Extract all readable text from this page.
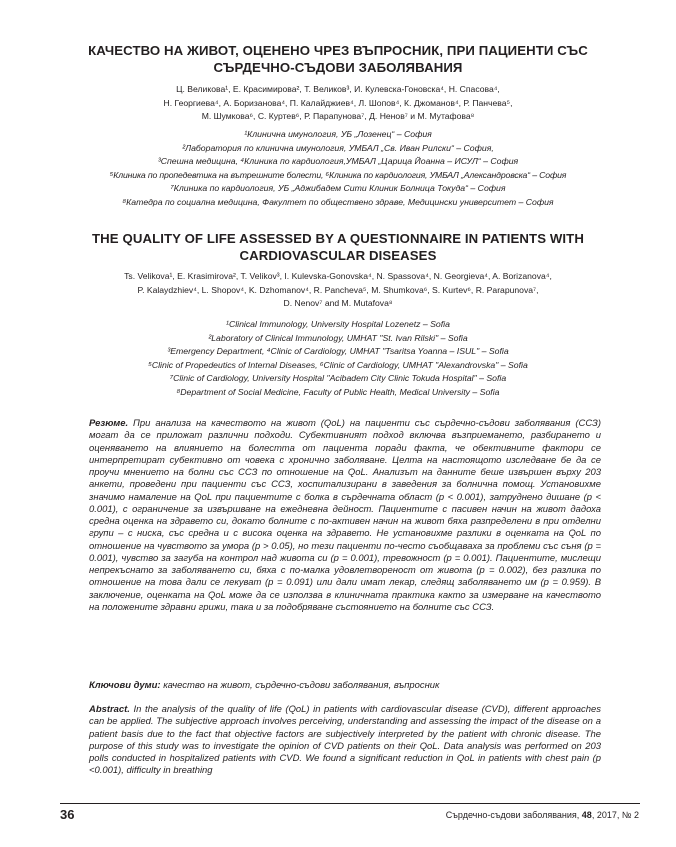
КАЧЕСТВО НА ЖИВОТ, ОЦЕНЕНО ЧРЕЗ ВЪПРОСНИК, ПРИ ПАЦИЕНТИ СЪС
СЪРДЕЧНО-СЪДОВИ ЗАБОЛЯВАНИЯ
Ц. Великова¹, Е. Красимирова², Т. Великов³, И. Кулевска-Гоновска⁴, Н. Спасова⁴,
Н. Георгиева⁴, А. Боризанова⁴, П. Калайджиев⁴, Л. Шопов⁴, К. Джоманов⁴, Р. Панчева⁵,
М. Шумкова⁶, С. Куртев⁶, Р. Парапунова⁷, Д. Ненов⁷ и М. Мутафова⁸
¹Клинична имунология, УБ „Лозенец“ – София
²Лаборатория по клинична имунология, УМБАЛ „Св. Иван Рилски“ – София,
³Спешна медицина, ⁴Клиника по кардиология,УМБАЛ „Царица Йоанна – ИСУЛ“ – София
⁵Клиника по пропедевтика на вътрешните болести, ⁶Клиника по кардиология, УМБАЛ „Александровска“ – София
⁷Клиника по кардиология, УБ „Аджибадем Сити Клиник Болница Токуда“ – София
⁸Катедра по социална медицина, Факултет по обществено здраве, Медицински университет – София
THE QUALITY OF LIFE ASSESSED BY A QUESTIONNAIRE IN PATIENTS WITH
CARDIOVASCULAR DISEASES
Ts. Velikova¹, E. Krasimirova², T. Velikov³, I. Kulevska-Gonovska⁴, N. Spassova⁴, N. Georgieva⁴, A. Borizanova⁴,
P. Kalaydzhiev⁴, L. Shopov⁴, K. Dzhomanov⁴, R. Pancheva⁵, M. Shumkova⁶, S. Kurtev⁶, R. Parapunova⁷,
D. Nenov⁷ and M. Mutafova⁸
¹Clinical Immunology, University Hospital Lozenetz – Sofia
²Laboratory of Clinical Immunology, UMHAT "St. Ivan Rilski" – Sofia
³Emergency Department, ⁴Clinic of Cardiology, UMHAT "Tsaritsa Yoanna – ISUL" – Sofia
⁵Clinic of Propedeutics of Internal Diseases, ⁶Clinic of Cardiology, UMHAT "Alexandrovska" – Sofia
⁷Clinic of Cardiology, University Hospital "Acibadem City Clinic Tokuda Hospital" – Sofia
⁸Department of Social Medicine, Faculty of Public Health, Medical University – Sofia
Резюме. При анализа на качеството на живот (QoL) на пациенти със сърдечно-съдови заболявания (ССЗ) могат да се приложат различни подходи. Субективният подход включва възприемането, разбирането и оценяването на влиянието на болестта от пациента поради факта, че обективните фактори се интерпретират субективно от човека с хронично заболяване. Целта на настоящото изследване бе да се проучи мнението на болни със ССЗ по отношение на QoL. Анализът на данните беше извършен върху 203 анкети, проведени при пациенти със ССЗ, хоспитализирани в заведения за болнична помощ. Установихме значимо намаление на QoL при пациентите с болка в сърдечната област (p < 0.001), затруднено дишане (p < 0.001), с ограничение за извършване на ежедневна дейност. Пациентите с пасивен начин на живот дадоха средна оценка на здравето си, докато болните с по-активен начин на живот бяха разпределени в при отделни групи – с ниска, със средна и с висока оценка на здравето. Не установихме разлики в оценката на QoL по отношение на чувството за умора (p > 0.05), но тези пациенти по-често съобщаваха за проблеми със съня (p = 0.001), чувство за загуба на контрол над живота си (p = 0.001), тревожност (p = 0.001). Пациентите, мислещи непрекъснато за заболяването си, бяха с по-малка удовлетвореност от живота (p = 0.002), без разлика по отношение на това дали се лекуват (p = 0.091) или дали имат лекар, следящ заболяването им (p = 0.959). В заключение, оценката на QoL може да се използва в клиничната практика както за измерване на качеството на положените здравни грижи, така и за подобряване състоянието на болните със ССЗ.
Ключови думи: качество на живот, сърдечно-съдови заболявания, въпросник
Abstract. In the analysis of the quality of life (QoL) in patients with cardiovascular disease (CVD), different approaches can be applied. The subjective approach involves perceiving, understanding and assessing the impact of the disease on a patient basis due to the fact that objective factors are subjectively interpreted by the patient with chronic disease. The purpose of this study was to investigate the opinion of CVD patients on their QoL. Data analysis was performed on 203 polls conducted in hospitalized patients with CVD. We found a significant reduction in QoL in patients with chest pain (p <0.001), difficulty in breathing
36	Сърдечно-съдови заболявания, 48, 2017, № 2
